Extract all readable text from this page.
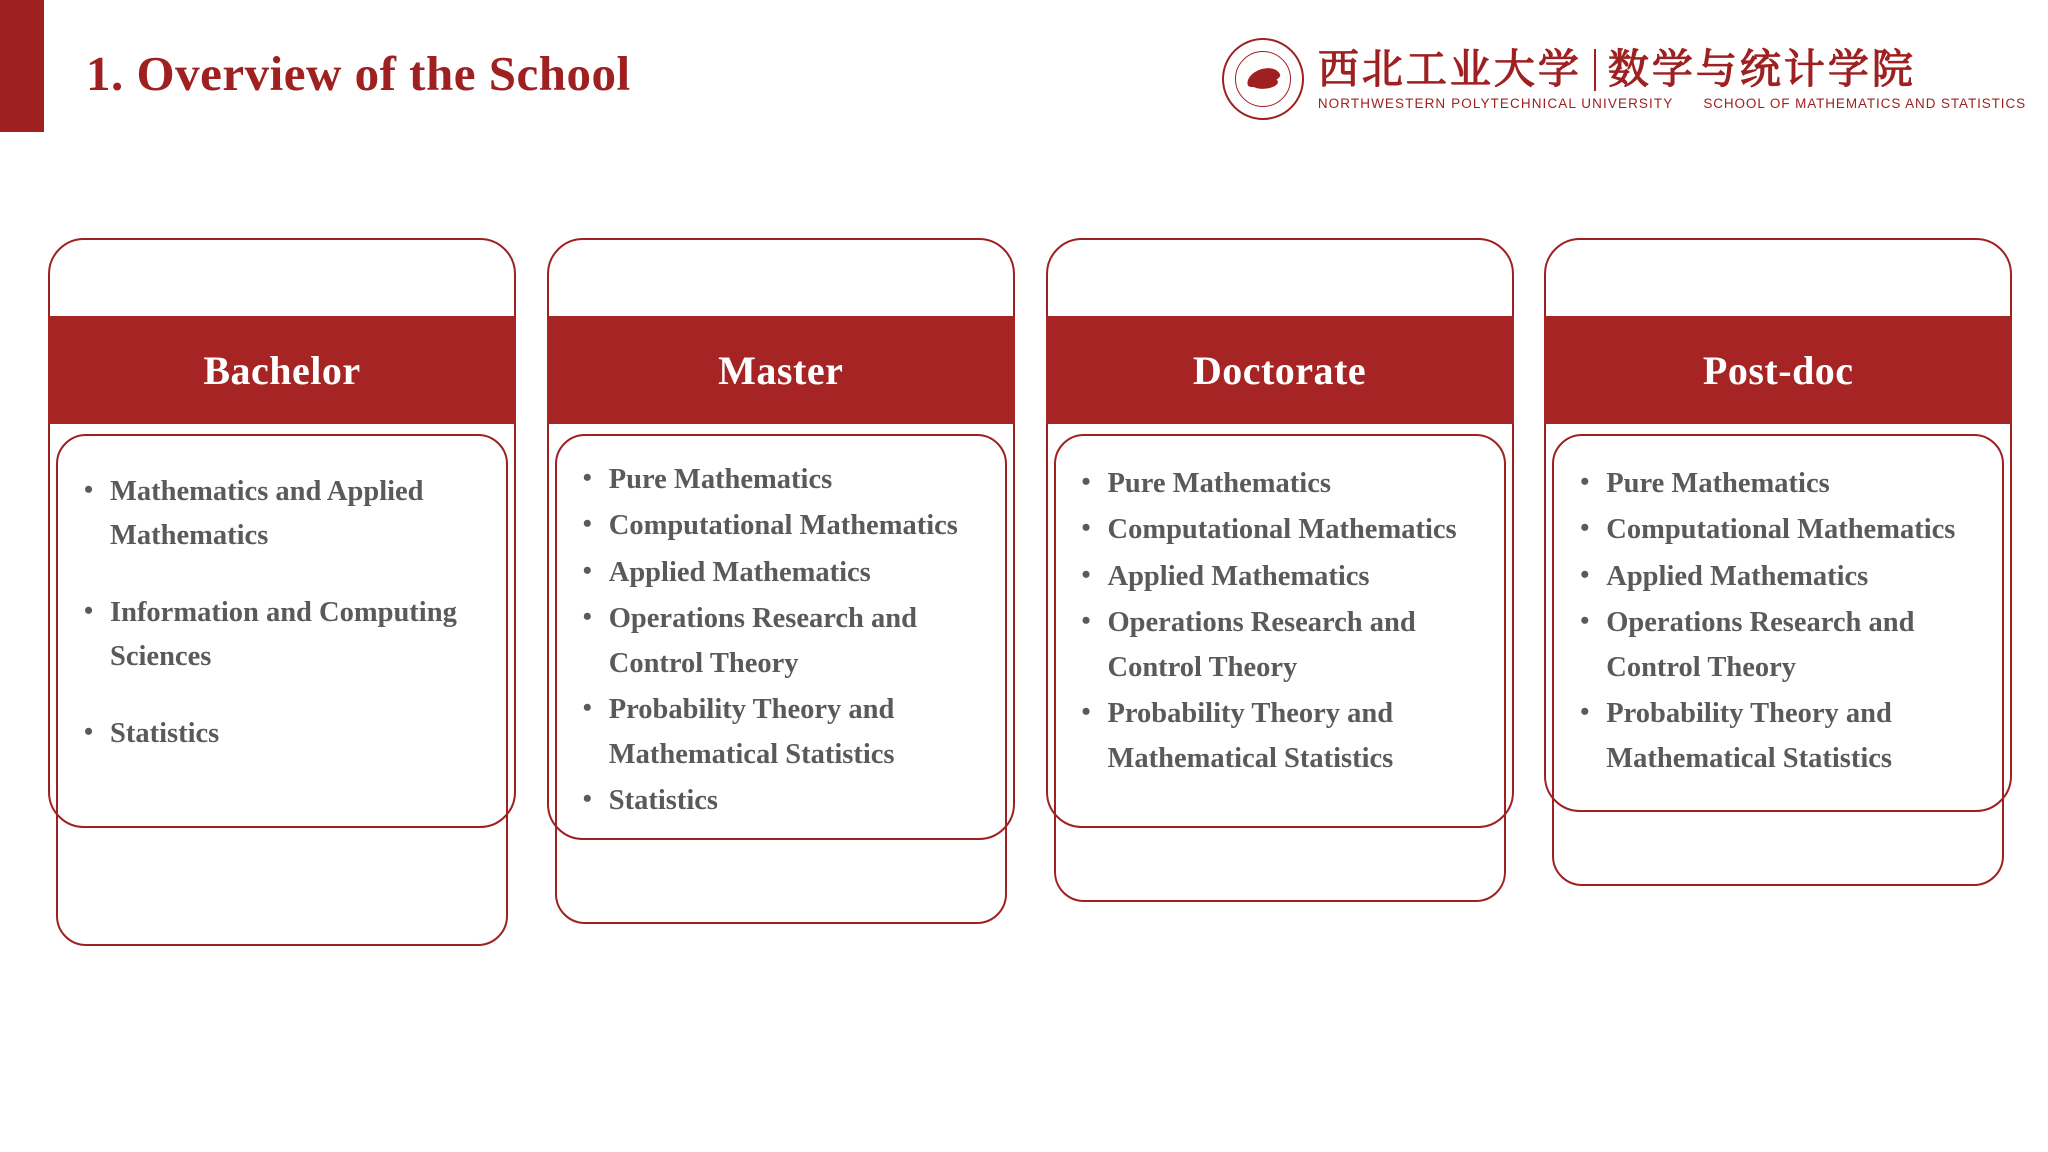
1. Overview of the School	西北工业大学 数学与统计学院
NORTHWESTERN POLYTECHNICAL UNIVERSITY SCHOOL OF MATHEMATICS AND STATISTICS
Bachelor
• Mathematics and Applied Mathematics
• Information and Computing Sciences
• Statistics
Master
• Pure Mathematics
• Computational Mathematics
• Applied Mathematics
• Operations Research and Control Theory
• Probability Theory and Mathematical Statistics
• Statistics
Doctorate
• Pure Mathematics
• Computational Mathematics
• Applied Mathematics
• Operations Research and Control Theory
• Probability Theory and Mathematical Statistics
Post-doc
• Pure Mathematics
• Computational Mathematics
• Applied Mathematics
• Operations Research and Control Theory
• Probability Theory and Mathematical Statistics
